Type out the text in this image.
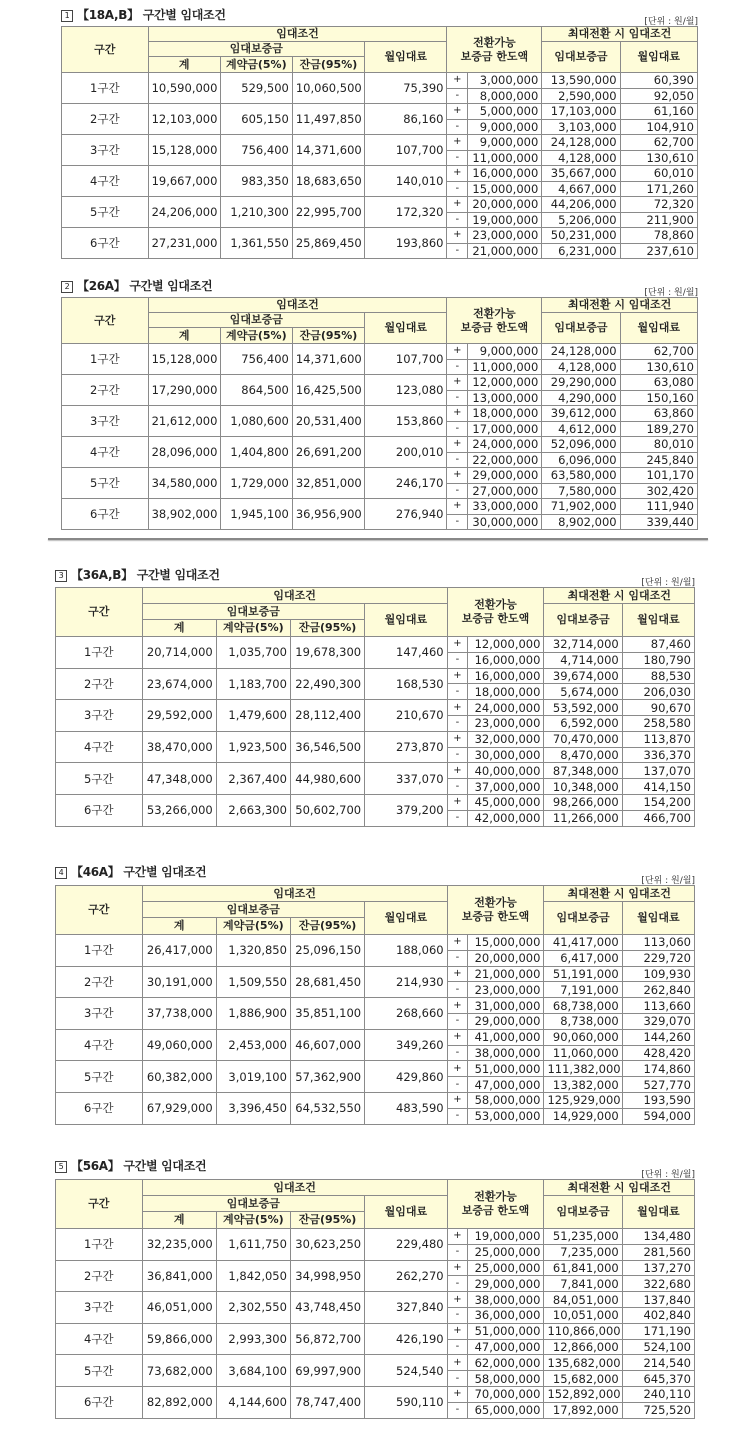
1 【18A,B】 구간별 임대조건	[단위 : 원/월]
구간	임대조건				전환가능
보증금 한도액		최대전환 시 임대조건	
	임대보증금			월임대료			임대보증금	월임대료
	계	계약금(5%)	잔금(95%)					
1구간	10,590,000	529,500	10,060,500	75,390	+	3,000,000	13,590,000	60,390
					-	8,000,000	2,590,000	92,050
2구간	12,103,000	605,150	11,497,850	86,160	+	5,000,000	17,103,000	61,160
					-	9,000,000	3,103,000	104,910
3구간	15,128,000	756,400	14,371,600	107,700	+	9,000,000	24,128,000	62,700
					-	11,000,000	4,128,000	130,610
4구간	19,667,000	983,350	18,683,650	140,010	+	16,000,000	35,667,000	60,010
					-	15,000,000	4,667,000	171,260
5구간	24,206,000	1,210,300	22,995,700	172,320	+	20,000,000	44,206,000	72,320
					-	19,000,000	5,206,000	211,900
6구간	27,231,000	1,361,550	25,869,450	193,860	+	23,000,000	50,231,000	78,860
					-	21,000,000	6,231,000	237,610
2 【26A】 구간별 임대조건	[단위 : 원/월]
구간	임대조건				전환가능
보증금 한도액		최대전환 시 임대조건	
	임대보증금			월임대료			임대보증금	월임대료
	계	계약금(5%)	잔금(95%)					
1구간	15,128,000	756,400	14,371,600	107,700	+	9,000,000	24,128,000	62,700
					-	11,000,000	4,128,000	130,610
2구간	17,290,000	864,500	16,425,500	123,080	+	12,000,000	29,290,000	63,080
					-	13,000,000	4,290,000	150,160
3구간	21,612,000	1,080,600	20,531,400	153,860	+	18,000,000	39,612,000	63,860
					-	17,000,000	4,612,000	189,270
4구간	28,096,000	1,404,800	26,691,200	200,010	+	24,000,000	52,096,000	80,010
					-	22,000,000	6,096,000	245,840
5구간	34,580,000	1,729,000	32,851,000	246,170	+	29,000,000	63,580,000	101,170
					-	27,000,000	7,580,000	302,420
6구간	38,902,000	1,945,100	36,956,900	276,940	+	33,000,000	71,902,000	111,940
					-	30,000,000	8,902,000	339,440
3 【36A,B】 구간별 임대조건
[단위 : 원/월]
구간	임대조건				전환가능
보증금 한도액		최대전환 시 임대조건	
	임대보증금			월임대료			임대보증금	월임대료
	계	계약금(5%)	잔금(95%)					
1구간	20,714,000	1,035,700	19,678,300	147,460	+	12,000,000	32,714,000	87,460
					-	16,000,000	4,714,000	180,790
2구간	23,674,000	1,183,700	22,490,300	168,530	+	16,000,000	39,674,000	88,530
					-	18,000,000	5,674,000	206,030
3구간	29,592,000	1,479,600	28,112,400	210,670	+	24,000,000	53,592,000	90,670
					-	23,000,000	6,592,000	258,580
4구간	38,470,000	1,923,500	36,546,500	273,870	+	32,000,000	70,470,000	113,870
					-	30,000,000	8,470,000	336,370
5구간	47,348,000	2,367,400	44,980,600	337,070	+	40,000,000	87,348,000	137,070
					-	37,000,000	10,348,000	414,150
6구간	53,266,000	2,663,300	50,602,700	379,200	+	45,000,000	98,266,000	154,200
					-	42,000,000	11,266,000	466,700
4 【46A】 구간별 임대조건
[단위 : 원/월]
구간	임대조건				전환가능
보증금 한도액		최대전환 시 임대조건	
	임대보증금			월임대료			임대보증금	월임대료
	계	계약금(5%)	잔금(95%)					
1구간	26,417,000	1,320,850	25,096,150	188,060	+	15,000,000	41,417,000	113,060
					-	20,000,000	6,417,000	229,720
2구간	30,191,000	1,509,550	28,681,450	214,930	+	21,000,000	51,191,000	109,930
					-	23,000,000	7,191,000	262,840
3구간	37,738,000	1,886,900	35,851,100	268,660	+	31,000,000	68,738,000	113,660
					-	29,000,000	8,738,000	329,070
4구간	49,060,000	2,453,000	46,607,000	349,260	+	41,000,000	90,060,000	144,260
					-	38,000,000	11,060,000	428,420
5구간	60,382,000	3,019,100	57,362,900	429,860	+	51,000,000	111,382,000	174,860
					-	47,000,000	13,382,000	527,770
6구간	67,929,000	3,396,450	64,532,550	483,590	+	58,000,000	125,929,000	193,590
					-	53,000,000	14,929,000	594,000
5 【56A】 구간별 임대조건
[단위 : 원/월]
구간	임대조건				전환가능
보증금 한도액		최대전환 시 임대조건	
	임대보증금			월임대료			임대보증금	월임대료
	계	계약금(5%)	잔금(95%)					
1구간	32,235,000	1,611,750	30,623,250	229,480	+	19,000,000	51,235,000	134,480
					-	25,000,000	7,235,000	281,560
2구간	36,841,000	1,842,050	34,998,950	262,270	+	25,000,000	61,841,000	137,270
					-	29,000,000	7,841,000	322,680
3구간	46,051,000	2,302,550	43,748,450	327,840	+	38,000,000	84,051,000	137,840
					-	36,000,000	10,051,000	402,840
4구간	59,866,000	2,993,300	56,872,700	426,190	+	51,000,000	110,866,000	171,190
					-	47,000,000	12,866,000	524,100
5구간	73,682,000	3,684,100	69,997,900	524,540	+	62,000,000	135,682,000	214,540
					-	58,000,000	15,682,000	645,370
6구간	82,892,000	4,144,600	78,747,400	590,110	+	70,000,000	152,892,000	240,110
					-	65,000,000	17,892,000	725,520
